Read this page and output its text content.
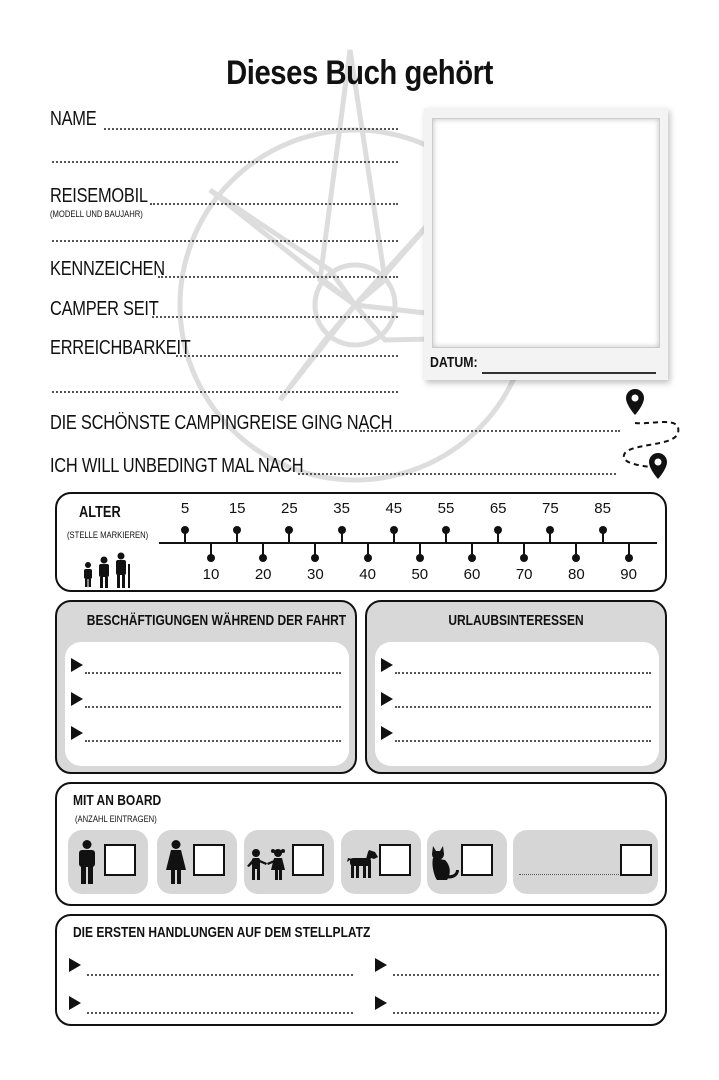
Dieses Buch gehört
NAME
REISEMOBIL
(MODELL UND BAUJAHR)
KENNZEICHEN
CAMPER SEIT
ERREICHBARKEIT
DATUM:
DIE SCHÖNSTE CAMPINGREISE GING NACH
ICH WILL UNBEDINGT MAL NACH
ALTER
(STELLE MARKIEREN)
5	15 25 35 45 55 65 75 85
10 20 30 40 50 60 70 80 90
BESCHÄFTIGUNGEN WÄHREND DER FAHRT	URLAUBSINTERESSEN
MIT AN BOARD
(ANZAHL EINTRAGEN)
DIE ERSTEN HANDLUNGEN AUF DEM STELLPLATZ
